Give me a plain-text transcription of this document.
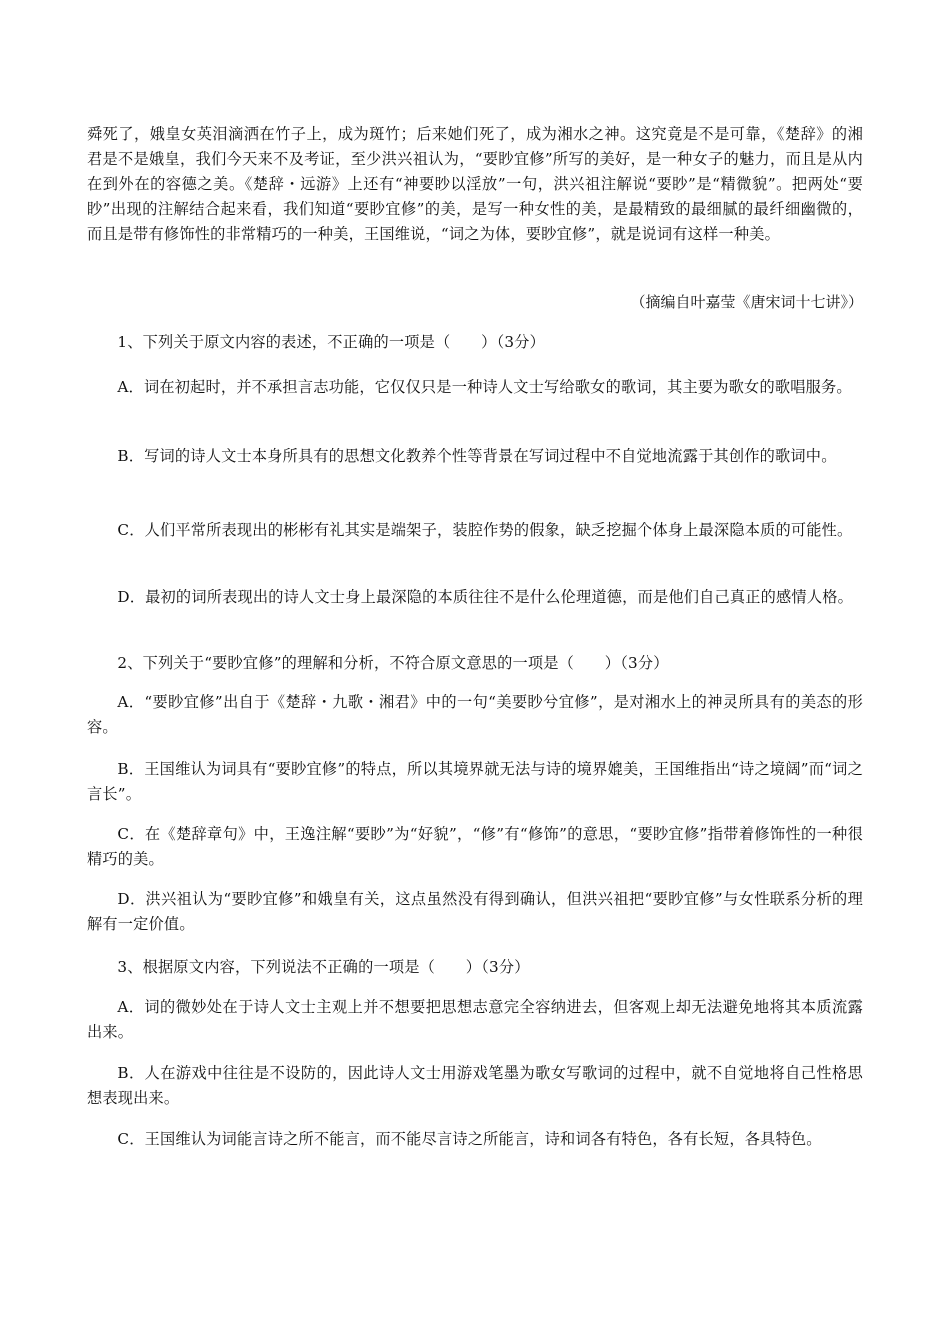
舜死了，娥皇女英泪滴洒在竹子上，成为斑竹；后来她们死了，成为湘水之神。这究竟是不是可靠，《楚辞》的湘君是不是娥皇，我们今天来不及考证，至少洪兴祖认为，“要眇宜修”所写的美好，是一种女子的魅力，而且是从内在到外在的容德之美。《楚辞・远游》上还有“神要眇以淫放”一句，洪兴祖注解说“要眇”是“精微貌”。把两处“要眇”出现的注解结合起来看，我们知道“要眇宜修”的美，是写一种女性的美，是最精致的最细腻的最纤细幽微的，而且是带有修饰性的非常精巧的一种美，王国维说，“词之为体，要眇宜修”，就是说词有这样一种美。

（摘编自叶嘉莹《唐宋词十七讲》）

1、下列关于原文内容的表述，不正确的一项是（　　）（3分）

A．词在初起时，并不承担言志功能，它仅仅只是一种诗人文士写给歌女的歌词，其主要为歌女的歌唱服务。

B．写词的诗人文士本身所具有的思想文化教养个性等背景在写词过程中不自觉地流露于其创作的歌词中。

C．人们平常所表现出的彬彬有礼其实是端架子，装腔作势的假象，缺乏挖掘个体身上最深隐本质的可能性。

D．最初的词所表现出的诗人文士身上最深隐的本质往往不是什么伦理道德，而是他们自己真正的感情人格。

2、下列关于“要眇宜修”的理解和分析，不符合原文意思的一项是（　　）（3分）

A．“要眇宜修”出自于《楚辞・九歌・湘君》中的一句“美要眇兮宜修”，是对湘水上的神灵所具有的美态的形容。

B．王国维认为词具有“要眇宜修”的特点，所以其境界就无法与诗的境界媲美，王国维指出“诗之境阔”而“词之言长”。

C．在《楚辞章句》中，王逸注解“要眇”为“好貌”，“修”有“修饰”的意思，“要眇宜修”指带着修饰性的一种很精巧的美。

D．洪兴祖认为“要眇宜修”和娥皇有关，这点虽然没有得到确认，但洪兴祖把“要眇宜修”与女性联系分析的理解有一定价值。

3、根据原文内容，下列说法不正确的一项是（　　）（3分）

A．词的微妙处在于诗人文士主观上并不想要把思想志意完全容纳进去，但客观上却无法避免地将其本质流露出来。

B．人在游戏中往往是不设防的，因此诗人文士用游戏笔墨为歌女写歌词的过程中，就不自觉地将自己性格思想表现出来。

C．王国维认为词能言诗之所不能言，而不能尽言诗之所能言，诗和词各有特色，各有长短，各具特色。
